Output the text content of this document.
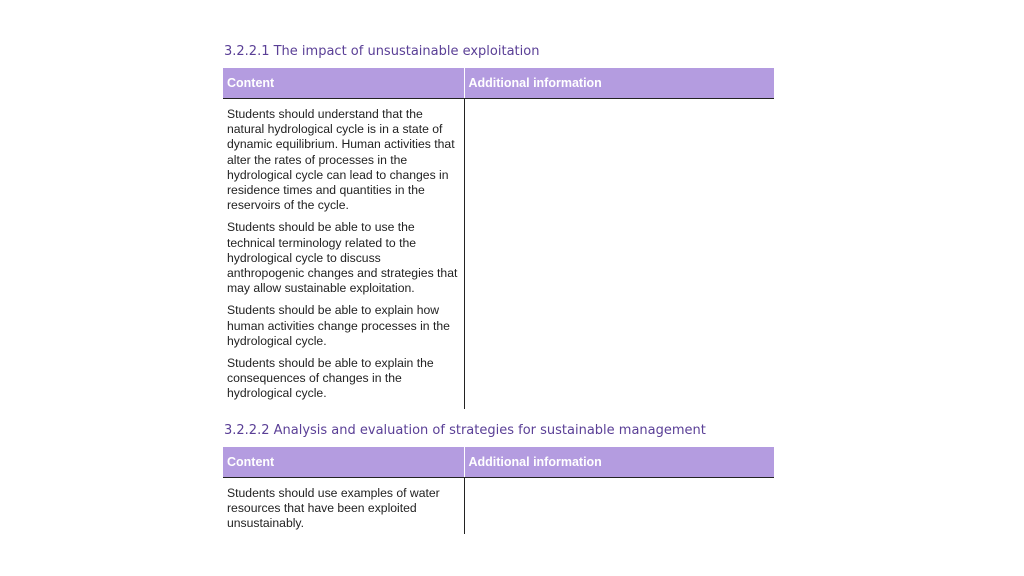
3.2.2.1 The impact of unsustainable exploitation
Content	Additional information

Students should understand that the natural hydrological cycle is in a state of dynamic equilibrium. Human activities that alter the rates of processes in the hydrological cycle can lead to changes in residence times and quantities in the reservoirs of the cycle.

Students should be able to use the technical terminology related to the hydrological cycle to discuss anthropogenic changes and strategies that may allow sustainable exploitation.

Students should be able to explain how human activities change processes in the hydrological cycle.

Students should be able to explain the consequences of changes in the hydrological cycle.	

3.2.2.2 Analysis and evaluation of strategies for sustainable management
Content	Additional information

Students should use examples of water resources that have been exploited unsustainably.	
